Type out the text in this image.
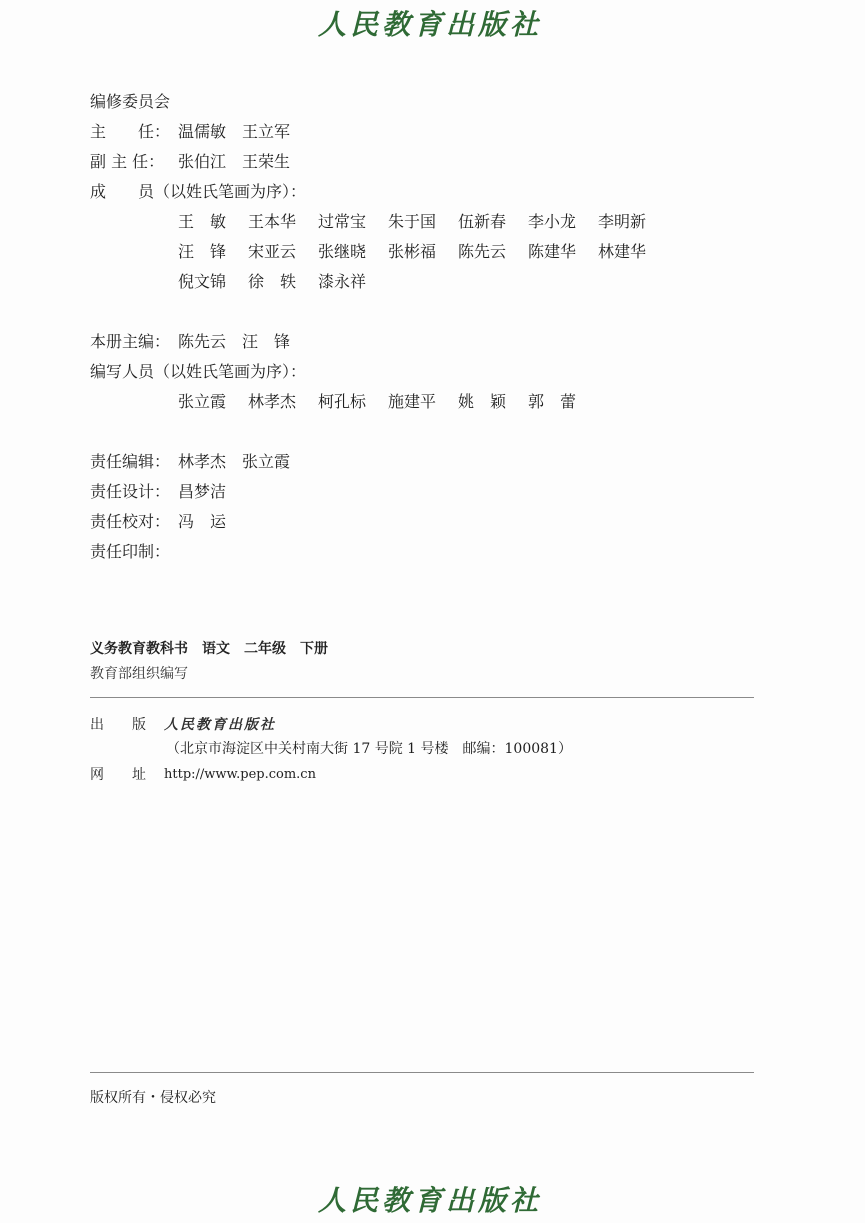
人民教育出版社
编修委员会
主　　任： 温儒敏　王立军
副 主 任： 张伯江　王荣生
成　　员（以姓氏笔画为序）：
王　敏 王本华 过常宝 朱于国 伍新春 李小龙 李明新
汪　锋 宋亚云 张继晓 张彬福 陈先云 陈建华 林建华
倪文锦 徐　轶 漆永祥
本册主编： 陈先云　汪　锋
编写人员（以姓氏笔画为序）：
张立霞 林孝杰 柯孔标 施建平 姚　颖 郭　蕾
责任编辑： 林孝杰　张立霞
责任设计： 昌梦洁
责任校对： 冯　运
责任印制：
义务教育教科书　语文　二年级　下册
教育部组织编写
出　　版	人民教育出版社
（北京市海淀区中关村南大街 17 号院 1 号楼　邮编：100081）
网　　址	http://www.pep.com.cn
版权所有・侵权必究
人民教育出版社
